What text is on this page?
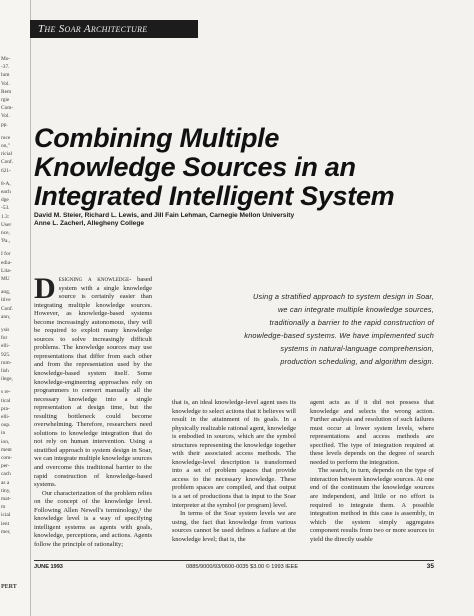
Mo-
-37.
lum
Vol.
Rem
rgie
Com-
Vol.
pp.
ruce
on,"
ricial
Conf.
621-
8-A,
each
dge
-53.
1.3:
User
nce,
'Pa.,
I for
edia-
Lita-
MU
ang,
itive
Conf.
ann,
ysis
for
elli-
925.
rum-
lish
ilege,
s re-
tical
pra-
elli-
oup.
in
ion,
ment
com-
per-
cach
as a
tiny,
mat-
m
icial
ient
mer,
PERT
The Soar Architecture
Combining Multiple
Knowledge Sources in an
Integrated Intelligent System
David M. Steier, Richard L. Lewis, and Jill Fain Lehman, Carnegie Mellon University
Anne L. Zacherl, Allegheny College
Using a stratified approach to system design in Soar,
we can integrate multiple knowledge sources,
traditionally a barrier to the rapid construction of
knowledge-based systems. We have implemented such
systems in natural-language comprehension,
production scheduling, and algorithm design.

Designing a knowledge- based system with a single knowledge source is certainly easier than integrating multiple knowledge sources. However, as knowledge-based systems become increasingly autonomous, they will be required to exploit many knowledge sources to solve increasingly difficult problems. The knowledge sources may use representations that differ from each other and from the representation used by the knowledge-based system itself. Some knowledge-engineering approaches rely on programmers to convert manually all the necessary knowledge into a single representation at design time, but the resulting bottleneck could become overwhelming. Therefore, researchers need solutions to knowledge integration that do not rely on human intervention. Using a stratified approach to system design in Soar, we can integrate multiple knowledge sources and overcome this traditional barrier to the rapid construction of knowledge-based systems.

Our characterization of the problem relies on the concept of the knowledge level. Following Allen Newell's terminology,¹ the knowledge level is a way of specifying intelligent systems as agents with goals, knowledge, perceptions, and actions. Agents follow the principle of rationality;

that is, an ideal knowledge-level agent uses its knowledge to select actions that it believes will result in the attainment of its goals. In a physically realizable rational agent, knowledge is embodied in sources, which are the symbol structures representing the knowledge together with their associated access methods. The knowledge-level description is transformed into a set of problem spaces that provide access to the necessary knowledge. These problem spaces are compiled, and that output is a set of productions that is input to the Soar interpreter at the symbol (or program) level.

In terms of the Soar system levels we are using, the fact that knowledge from various sources cannot be used defines a failure at the knowledge level; that is, the

agent acts as if it did not possess that knowledge and selects the wrong action. Further analysis and resolution of such failures must occur at lower system levels, where representations and access methods are specified. The type of integration required at these levels depends on the degree of search needed to perform the integration.

The search, in turn, depends on the type of interaction between knowledge sources. At one end of the continuum the knowledge sources are independent, and little or no effort is required to integrate them. A possible integration method in this case is assembly, in which the system simply aggregates component results from two or more sources to yield the directly usable

JUNE 1993	0885/9000/93/0600-0035 $3.00 © 1993 IEEE	35
